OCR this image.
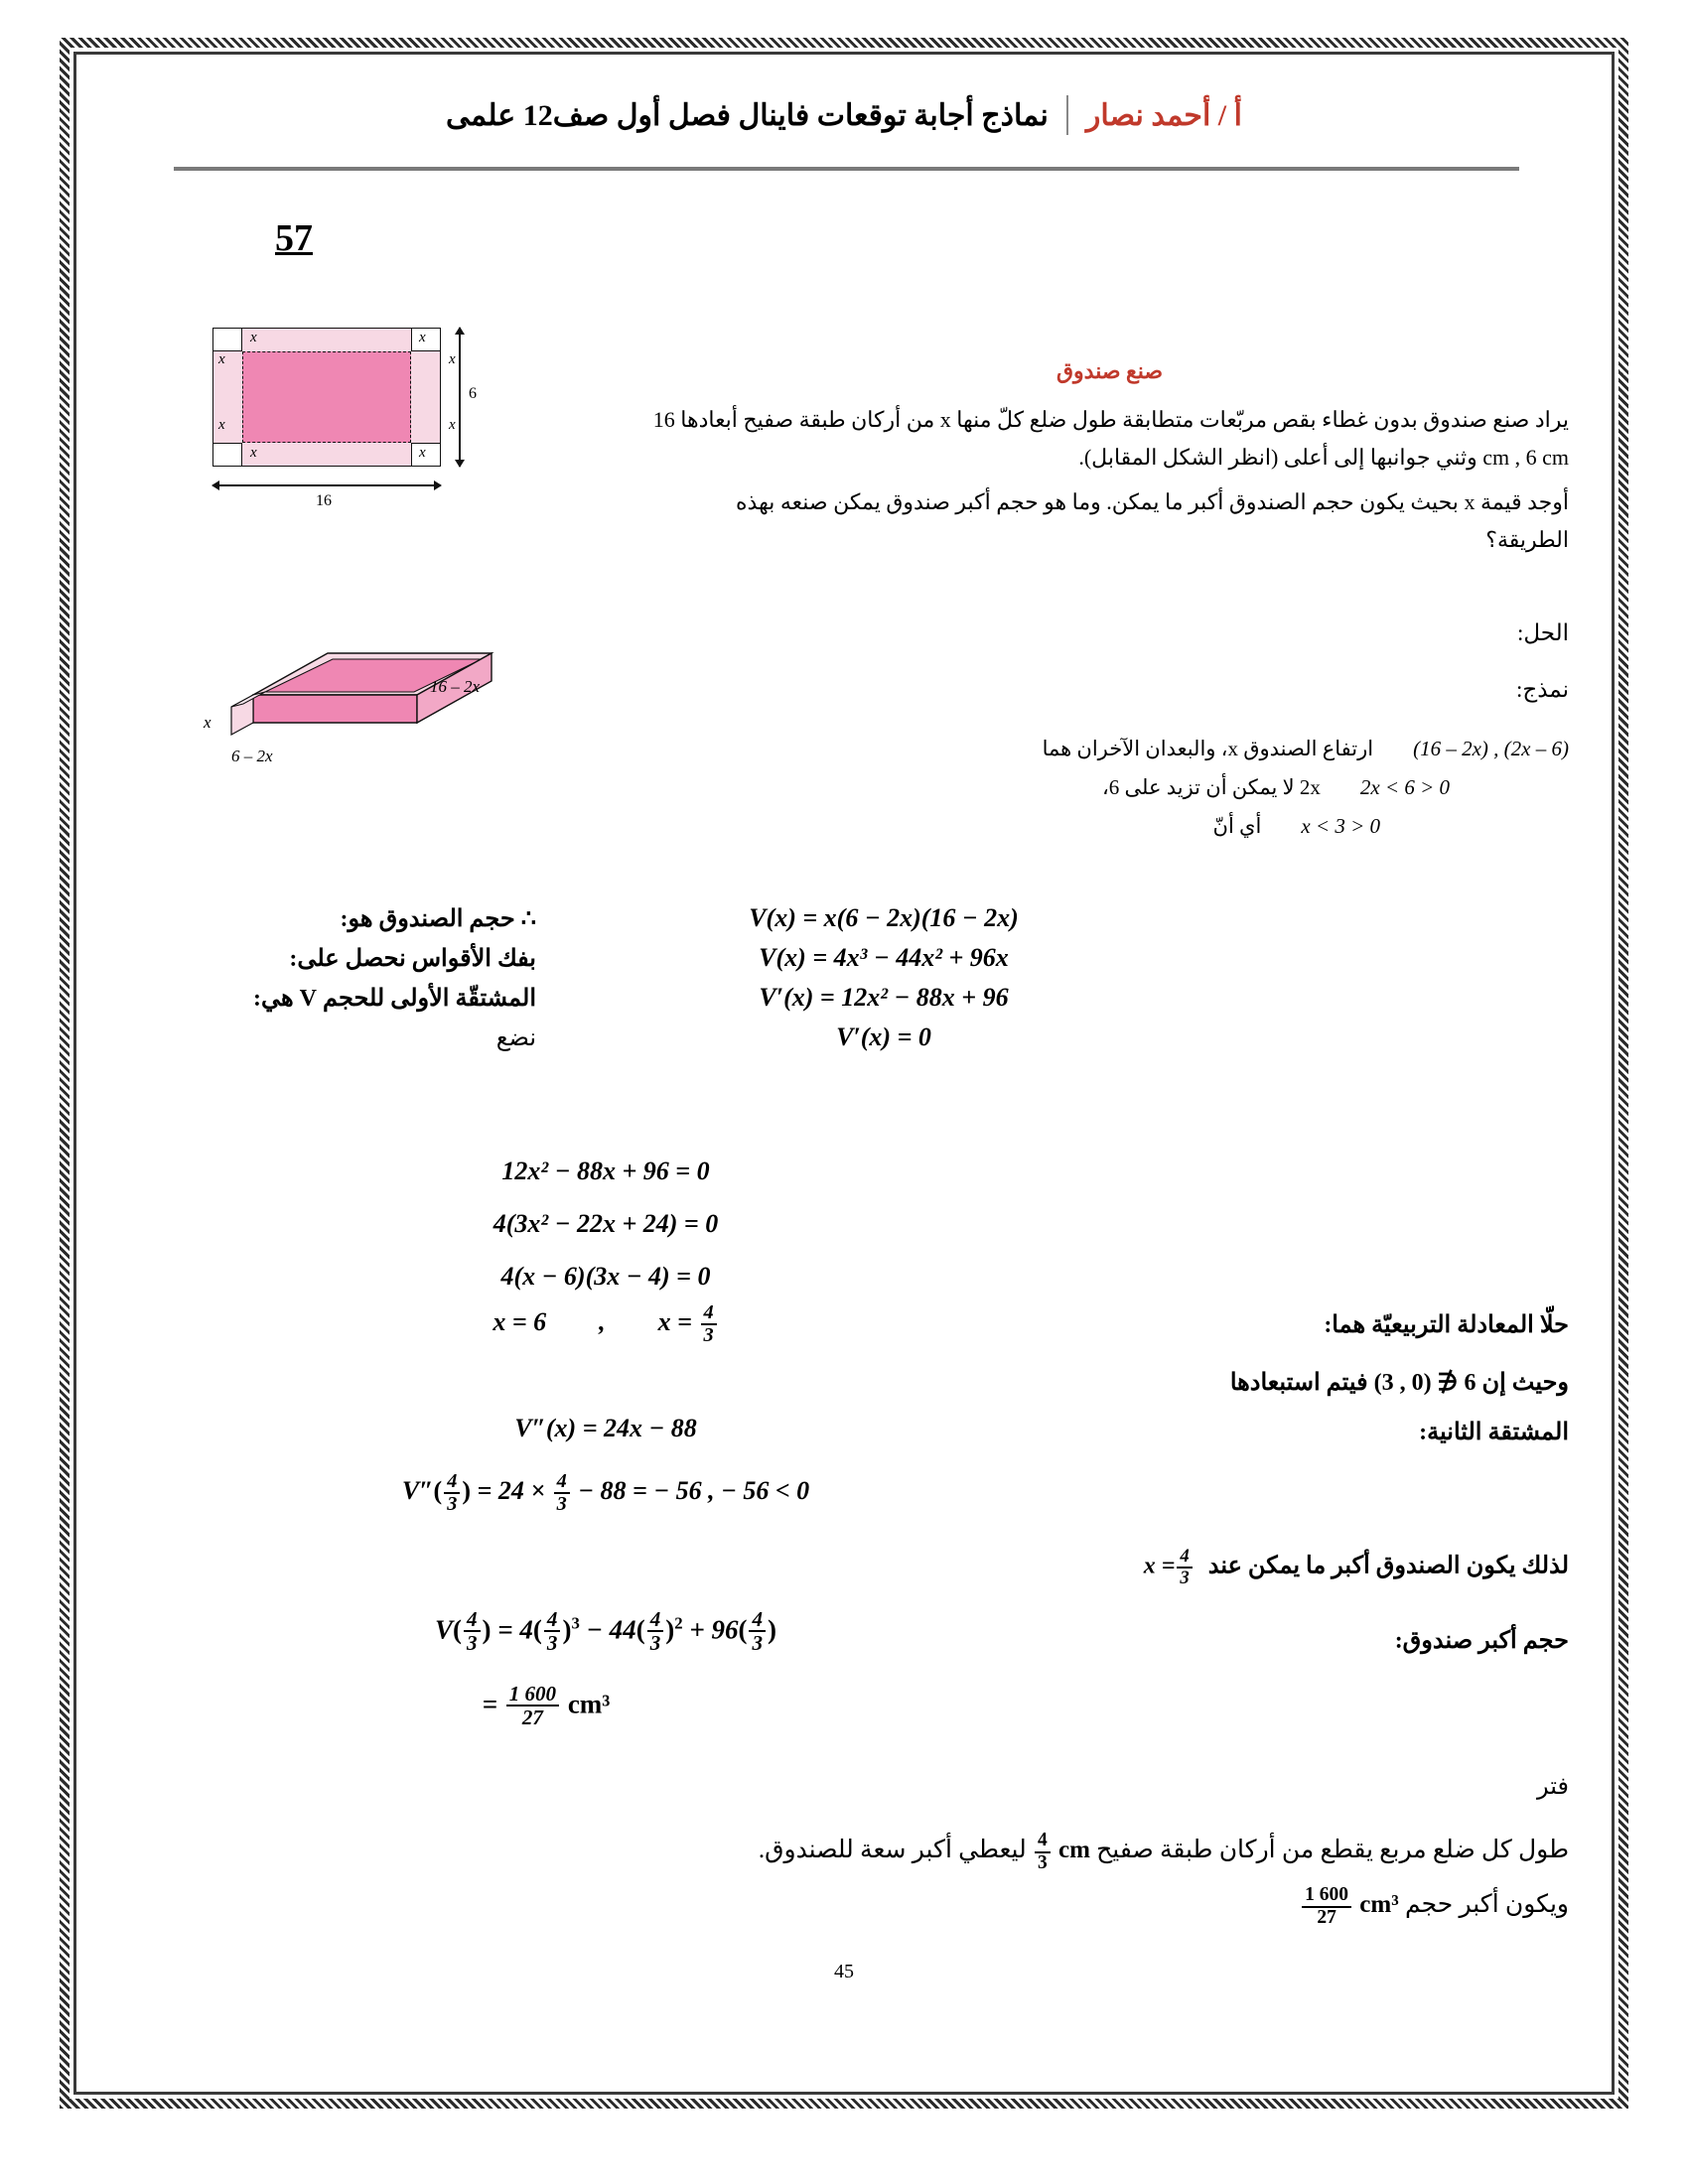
أ / أحمد نصار
نماذج أجابة توقعات فاينال فصل أول صف12 علمى
57
x	x
x	x
x	x
x	x
6
16
x
16 – 2x
6 – 2x
صنع صندوق

يراد صنع صندوق بدون غطاء بقص مربّعات متطابقة طول ضلع كلّ منها x من أركان طبقة صفيح أبعادها 16 cm , 6 cm وثني جوانبها إلى أعلى (انظر الشكل المقابل).

أوجد قيمة x بحيث يكون حجم الصندوق أكبر ما يمكن. وما هو حجم أكبر صندوق يمكن صنعه بهذه الطريقة؟

الحل:
نمذج:
(6 – 2x) , (16 – 2x)
ارتفاع الصندوق x، والبعدان الآخران هما
0 < 2x < 6
2x لا يمكن أن تزيد على 6،
0 < x < 3
أي أنّ
∴ حجم الصندوق هو:	V(x) = x(6 − 2x)(16 − 2x)
بفك الأقواس نحصل على:	V(x) = 4x³ − 44x² + 96x
المشتقّة الأولى للحجم V هي:	V′(x) = 12x² − 88x + 96
نضع	V′(x) = 0
12x² − 88x + 96 = 0
4(3x² − 22x + 24) = 0
4(x − 6)(3x − 4) = 0
حلّا المعادلة التربيعيّة هما:
x = 6 , $x = \frac{4}{3}$
وحيث إن 6 ∉ (0 , 3) فيتم استبعادها
المشتقة الثانية:
V″(x) = 24x − 88
$V''( \frac{4}{3}$ ) = $24 \times \frac{4}{3} - 88$ = − 56 , − 56 < 0
لذلك يكون الصندوق أكبر ما يمكن عند $x = \frac{4}{3}$
حجم أكبر صندوق:
$V( \frac{4}{3}$ ) = $4( \frac{4}{3} )^3 - 44( \frac{4}{3} )^2 + 96( \frac{4}{3}$ )
= $\frac{1 600}{27} cm^3$
فتر
طول كل ضلع مربع يقطع من أركان طبقة صفيح
$\frac{4}{3}$ cm ليعطي أكبر سعة للصندوق.
ويكون أكبر حجم
$\frac{1 600}{27} cm^3$
45
